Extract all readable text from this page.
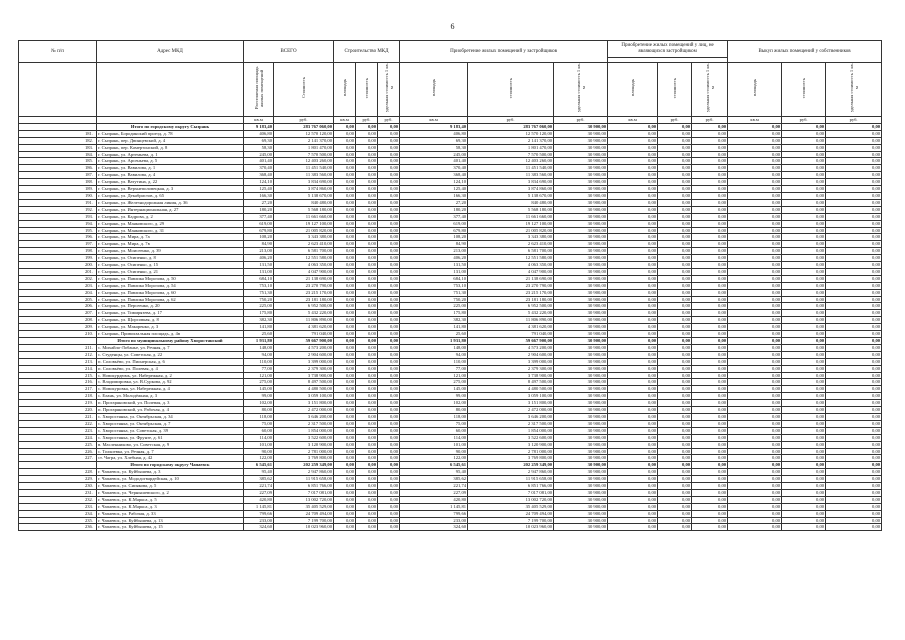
6
№ п/п	Адрес МКД	ВСЕГО		Строительство МКД			Приобретение жилых помещений у застройщиков			Приобретение жилых помещений у лиц, не являющихся застройщиком			Выкуп жилых помещений у собственников		

		Расселяемая площадь жилых помещений	Стоимость	площадь	стоимость	удельная стоимость 1 кв. м	площадь	стоимость	удельная стоимость 1 кв. м	площадь	стоимость	удельная стоимость 1 кв. м	площадь	стоимость	удельная стоимость 1 кв. м
		кв.м	руб.	кв.м	руб.	руб.	кв.м	руб.	руб.	кв.м	руб.	руб.	кв.м	руб.	руб.
	Итого по городскому округу Сызрань	9 183,40	283 767 060,00	0,00	0,00	0,00	9 183,40	283 767 060,00	30 900,00	0,00	0,00	0,00	0,00	0,00	0,00
181.	г. Сызрань, Бородинский проезд, д. 78	406,80	12 570 120,00	0,00	0,00	0,00	406,80	12 570 120,00	30 900,00	0,00	0,00	0,00	0,00	0,00	0,00
182.	г. Сызрань, пер. Двинцевский, д. 4	69,30	2 141 370,00	0,00	0,00	0,00	69,30	2 141 370,00	30 900,00	0,00	0,00	0,00	0,00	0,00	0,00
183.	г. Сызрань, пер. Камертонский, д. 8	58,30	1 801 470,00	0,00	0,00	0,00	58,30	1 801 470,00	30 900,00	0,00	0,00	0,00	0,00	0,00	0,00
184.	г. Сызрань, ул. Артемьева, д. 1	245,00	7 570 500,00	0,00	0,00	0,00	245,00	7 570 500,00	30 900,00	0,00	0,00	0,00	0,00	0,00	0,00
185.	г. Сызрань, ул. Арсеньева, д. 5	401,40	12 403 260,00	0,00	0,00	0,00	401,40	12 403 260,00	30 900,00	0,00	0,00	0,00	0,00	0,00	0,00
186.	г. Сызрань, ул. Вавилова, д. 1	370,40	11 451 540,00	0,00	0,00	0,00	370,40	11 451 540,00	30 900,00	0,00	0,00	0,00	0,00	0,00	0,00
187.	г. Сызрань, ул. Вавилова, д. 4	368,40	11 383 560,00	0,00	0,00	0,00	368,40	11 383 560,00	30 900,00	0,00	0,00	0,00	0,00	0,00	0,00
188.	г. Сызрань, ул. Ватутина, д. 22	124,10	3 834 690,00	0,00	0,00	0,00	124,10	3 834 690,00	30 900,00	0,00	0,00	0,00	0,00	0,00	0,00
189.	г. Сызрань, ул. Верхнеполовецкая, д. 3	125,40	3 874 860,00	0,00	0,00	0,00	125,40	3 874 860,00	30 900,00	0,00	0,00	0,00	0,00	0,00	0,00
190.	г. Сызрань, ул. Декабристов, д. 65	166,30	5 138 670,00	0,00	0,00	0,00	166,30	5 138 670,00	30 900,00	0,00	0,00	0,00	0,00	0,00	0,00
191.	г. Сызрань, ул. Железнодорожная линия, д. 36	27,20	840 480,00	0,00	0,00	0,00	27,20	840 480,00	30 900,00	0,00	0,00	0,00	0,00	0,00	0,00
192.	г. Сызрань, ул. Интернациональная, д. 27	180,20	5 568 180,00	0,00	0,00	0,00	180,20	5 568 180,00	30 900,00	0,00	0,00	0,00	0,00	0,00	0,00
193.	г. Сызрань, ул. Кадрова, д. 2	377,40	11 661 660,00	0,00	0,00	0,00	377,40	11 661 660,00	30 900,00	0,00	0,00	0,00	0,00	0,00	0,00
194.	г. Сызрань, ул. Маяковского, д. 29	619,00	19 127 100,00	0,00	0,00	0,00	619,00	19 127 100,00	30 900,00	0,00	0,00	0,00	0,00	0,00	0,00
195.	г. Сызрань, ул. Маяковского, д. 31	679,80	21 005 820,00	0,00	0,00	0,00	679,80	21 005 820,00	30 900,00	0,00	0,00	0,00	0,00	0,00	0,00
196.	г. Сызрань, ул. Мира, д. 7а	108,20	3 343 380,00	0,00	0,00	0,00	108,20	3 343 380,00	30 900,00	0,00	0,00	0,00	0,00	0,00	0,00
197.	г. Сызрань, ул. Мира, д. 7в	84,90	2 623 410,00	0,00	0,00	0,00	84,90	2 623 410,00	30 900,00	0,00	0,00	0,00	0,00	0,00	0,00
198.	г. Сызрань, ул. Моисеенко, д. 39	213,00	6 581 700,00	0,00	0,00	0,00	213,00	6 581 700,00	30 900,00	0,00	0,00	0,00	0,00	0,00	0,00
199.	г. Сызрань, ул. Осипенко, д. 8	406,20	12 551 580,00	0,00	0,00	0,00	406,20	12 551 580,00	30 900,00	0,00	0,00	0,00	0,00	0,00	0,00
200.	г. Сызрань, ул. Осипенко, д. 15	131,50	4 063 350,00	0,00	0,00	0,00	131,50	4 063 350,00	30 900,00	0,00	0,00	0,00	0,00	0,00	0,00
201.	г. Сызрань, ул. Осипенко, д. 21	131,00	4 047 900,00	0,00	0,00	0,00	131,00	4 047 900,00	30 900,00	0,00	0,00	0,00	0,00	0,00	0,00
202.	г. Сызрань, ул. Павлика Морозова, д. 50	684,10	21 138 690,00	0,00	0,00	0,00	684,10	21 138 690,00	30 900,00	0,00	0,00	0,00	0,00	0,00	0,00
203.	г. Сызрань, ул. Павлика Морозова, д. 54	753,10	23 270 790,00	0,00	0,00	0,00	753,10	23 270 790,00	30 900,00	0,00	0,00	0,00	0,00	0,00	0,00
204.	г. Сызрань, ул. Павлика Морозова, д. 60	751,30	23 215 170,00	0,00	0,00	0,00	751,30	23 215 170,00	30 900,00	0,00	0,00	0,00	0,00	0,00	0,00
205.	г. Сызрань, ул. Павлика Морозова, д. 62	750,20	23 181 180,00	0,00	0,00	0,00	750,20	23 181 180,00	30 900,00	0,00	0,00	0,00	0,00	0,00	0,00
206.	г. Сызрань, ул. Персеенко, д. 20	225,00	6 952 500,00	0,00	0,00	0,00	225,00	6 952 500,00	30 900,00	0,00	0,00	0,00	0,00	0,00	0,00
207.	г. Сызрань, ул. Тимирязева, д. 17	175,80	5 432 220,00	0,00	0,00	0,00	175,80	5 432 220,00	30 900,00	0,00	0,00	0,00	0,00	0,00	0,00
208.	г. Сызрань, ул. Щорсовкая, д. 8	382,30	11 806 890,00	0,00	0,00	0,00	382,30	11 806 890,00	30 900,00	0,00	0,00	0,00	0,00	0,00	0,00
209.	г. Сызрань, ул. Макаренко, д. 3	141,80	4 381 620,00	0,00	0,00	0,00	141,80	4 381 620,00	30 900,00	0,00	0,00	0,00	0,00	0,00	0,00
210.	г. Сызрань, Привокзальная площадь, д. 4в	25,60	791 040,00	0,00	0,00	0,00	25,60	791 040,00	30 900,00	0,00	0,00	0,00	0,00	0,00	0,00
	Итого по муниципальному району Хворостянский	1 931,80	59 667 900,00	0,00	0,00	0,00	1 931,80	59 667 900,00	30 900,00	0,00	0,00	0,00	0,00	0,00	0,00
211.	с. Михайло-Лобанье, ул. Речная, д. 7	148,00	4 573 200,00	0,00	0,00	0,00	148,00	4 573 200,00	30 900,00	0,00	0,00	0,00	0,00	0,00	0,00
212.	с. Студенцы, ул. Советская, д. 22	94,00	2 904 600,00	0,00	0,00	0,00	94,00	2 904 600,00	30 900,00	0,00	0,00	0,00	0,00	0,00	0,00
213.	п. Соловьёво, ул. Пионерская, д. 6	110,00	3 399 000,00	0,00	0,00	0,00	110,00	3 399 000,00	30 900,00	0,00	0,00	0,00	0,00	0,00	0,00
214.	п. Соловьёво, ул. Полевая, д. 4	77,00	2 379 300,00	0,00	0,00	0,00	77,00	2 379 300,00	30 900,00	0,00	0,00	0,00	0,00	0,00	0,00
215.	с. Новокурдюмь, ул. Набережная, д. 2	121,00	3 738 900,00	0,00	0,00	0,00	121,00	3 738 900,00	30 900,00	0,00	0,00	0,00	0,00	0,00	0,00
216.	с. Владимировка, ул. В.Суркова, д. 92	275,00	8 497 500,00	0,00	0,00	0,00	275,00	8 497 500,00	30 900,00	0,00	0,00	0,00	0,00	0,00	0,00
217.	с. Новокуровка, ул. Набережная, д. 4	145,00	4 480 500,00	0,00	0,00	0,00	145,00	4 480 500,00	30 900,00	0,00	0,00	0,00	0,00	0,00	0,00
218.	с. Елань, ул. Молодёжная, д. 3	99,00	3 059 100,00	0,00	0,00	0,00	99,00	3 059 100,00	30 900,00	0,00	0,00	0,00	0,00	0,00	0,00
219.	п. Прогаряновский, ул. Полевая, д. 3	102,00	3 151 800,00	0,00	0,00	0,00	102,00	3 151 800,00	30 900,00	0,00	0,00	0,00	0,00	0,00	0,00
220.	п. Прогаряновский, ул. Рабочая, д. 4	80,00	2 472 000,00	0,00	0,00	0,00	80,00	2 472 000,00	30 900,00	0,00	0,00	0,00	0,00	0,00	0,00
221.	с. Хворостянка, ул. Октябрьская, д. 34	118,00	3 646 200,00	0,00	0,00	0,00	118,00	3 646 200,00	30 900,00	0,00	0,00	0,00	0,00	0,00	0,00
222.	с. Хворостянка, ул. Октябрьская, д. 7	75,00	2 317 500,00	0,00	0,00	0,00	75,00	2 317 500,00	30 900,00	0,00	0,00	0,00	0,00	0,00	0,00
223.	с. Хворостянка, ул. Советская, д. 39	60,00	1 854 000,00	0,00	0,00	0,00	60,00	1 854 000,00	30 900,00	0,00	0,00	0,00	0,00	0,00	0,00
224.	с. Хворостянка, ул. Фрунзе, д. 61	114,00	3 522 600,00	0,00	0,00	0,00	114,00	3 522 600,00	30 900,00	0,00	0,00	0,00	0,00	0,00	0,00
225.	в. Масленниково, ул. Советская, д. 9	101,00	3 120 900,00	0,00	0,00	0,00	101,00	3 120 900,00	30 900,00	0,00	0,00	0,00	0,00	0,00	0,00
226.	с. Толкоевка, ул. Речная, д. 7	90,00	2 781 000,00	0,00	0,00	0,00	90,00	2 781 000,00	30 900,00	0,00	0,00	0,00	0,00	0,00	0,00
227.	ст. Чагра, ул. Хлебная, д. 42	122,00	3 769 800,00	0,00	0,00	0,00	122,00	3 769 800,00	30 900,00	0,00	0,00	0,00	0,00	0,00	0,00
	Итого по городскому округу Чапаевск	6 545,61	202 259 349,00	0,00	0,00	0,00	6 545,61	202 259 349,00	30 900,00	0,00	0,00	0,00	0,00	0,00	0,00
228.	г. Чапаевск, ул. Куйбышева, д. 3	95,40	2 947 860,00	0,00	0,00	0,00	95,40	2 947 860,00	30 900,00	0,00	0,00	0,00	0,00	0,00	0,00
229.	г. Чапаевск, ул. Мододогвардейская, д. 10	385,62	11 915 658,00	0,00	0,00	0,00	385,62	11 915 658,00	30 900,00	0,00	0,00	0,00	0,00	0,00	0,00
230.	г. Чапаевск, ул. Сипякова, д. 5	221,74	6 851 766,00	0,00	0,00	0,00	221,74	6 851 766,00	30 900,00	0,00	0,00	0,00	0,00	0,00	0,00
231.	г. Чапаевск, ул. Чернышевского, д. 2	227,09	7 017 081,00	0,00	0,00	0,00	227,09	7 017 081,00	30 900,00	0,00	0,00	0,00	0,00	0,00	0,00
232.	г. Чапаевск, ул. К.Маркса, д. 5	420,80	13 002 720,00	0,00	0,00	0,00	420,80	13 002 720,00	30 900,00	0,00	0,00	0,00	0,00	0,00	0,00
233.	г. Чапаевск, ул. К.Маркса, д. 3	1 145,81	35 405 529,00	0,00	0,00	0,00	1 145,81	35 405 529,00	30 900,00	0,00	0,00	0,00	0,00	0,00	0,00
234.	г. Чапаевск, ул. Рабочая, д. 33	799,66	24 709 494,00	0,00	0,00	0,00	799,66	24 709 494,00	30 900,00	0,00	0,00	0,00	0,00	0,00	0,00
235.	г. Чапаевск, ул. Куйбышева, д. 13	233,00	7 199 700,00	0,00	0,00	0,00	233,00	7 199 700,00	30 900,00	0,00	0,00	0,00	0,00	0,00	0,00
236.	г. Чапаевск, ул. Куйбышева, д. 15	324,60	10 023 960,00	0,00	0,00	0,00	324,60	10 023 960,00	30 900,00	0,00	0,00	0,00	0,00	0,00	0,00
